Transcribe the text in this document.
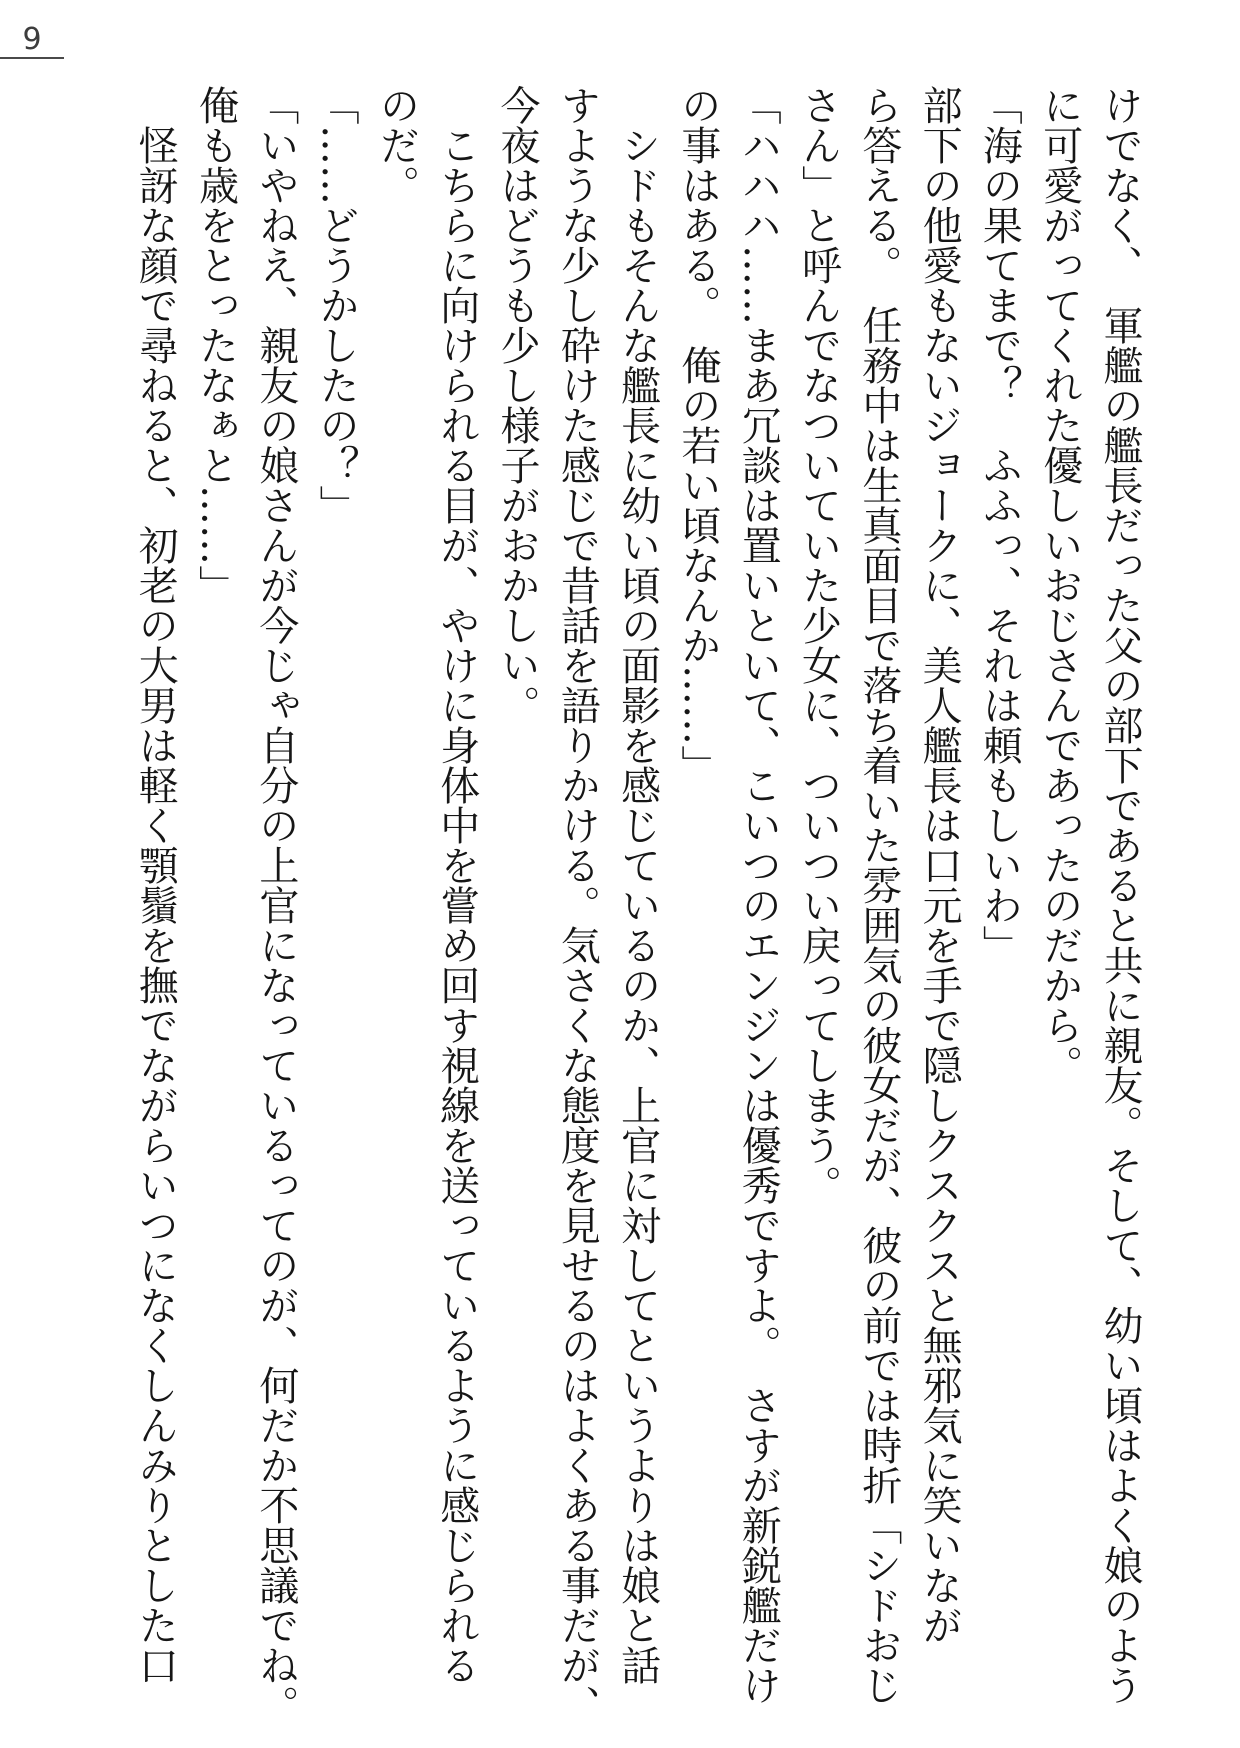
9

けでなく、　軍艦の艦長だった父の部下であると共に親友。そして、幼い頃はよく娘のよう

に可愛がってくれた優しいおじさんであったのだから。

「海の果てまで？　ふふっ、それは頼もしいわ」

部下の他愛もないジョークに、美人艦長は口元を手で隠しクスクスと無邪気に笑いなが

ら答える。　任務中は生真面目で落ち着いた雰囲気の彼女だが、彼の前では時折「シドおじ

さん」と呼んでなついていた少女に、ついつい戻ってしまう。

「ハハハ……まあ冗談は置いといて、こいつのエンジンは優秀ですよ。　さすが新鋭艦だけ

の事はある。　俺の若い頃なんか……」

　シドもそんな艦長に幼い頃の面影を感じているのか、上官に対してというよりは娘と話

すような少し砕けた感じで昔話を語りかける。気さくな態度を見せるのはよくある事だが、

今夜はどうも少し様子がおかしい。

　こちらに向けられる目が、やけに身体中を嘗め回す視線を送っているように感じられる

のだ。

「……どうかしたの？」

「いやねえ、親友の娘さんが今じゃ自分の上官になっているってのが、何だか不思議でね。

俺も歳をとったなぁと……」

　怪訝な顔で尋ねると、初老の大男は軽く顎鬚を撫でながらいつになくしんみりとした口
